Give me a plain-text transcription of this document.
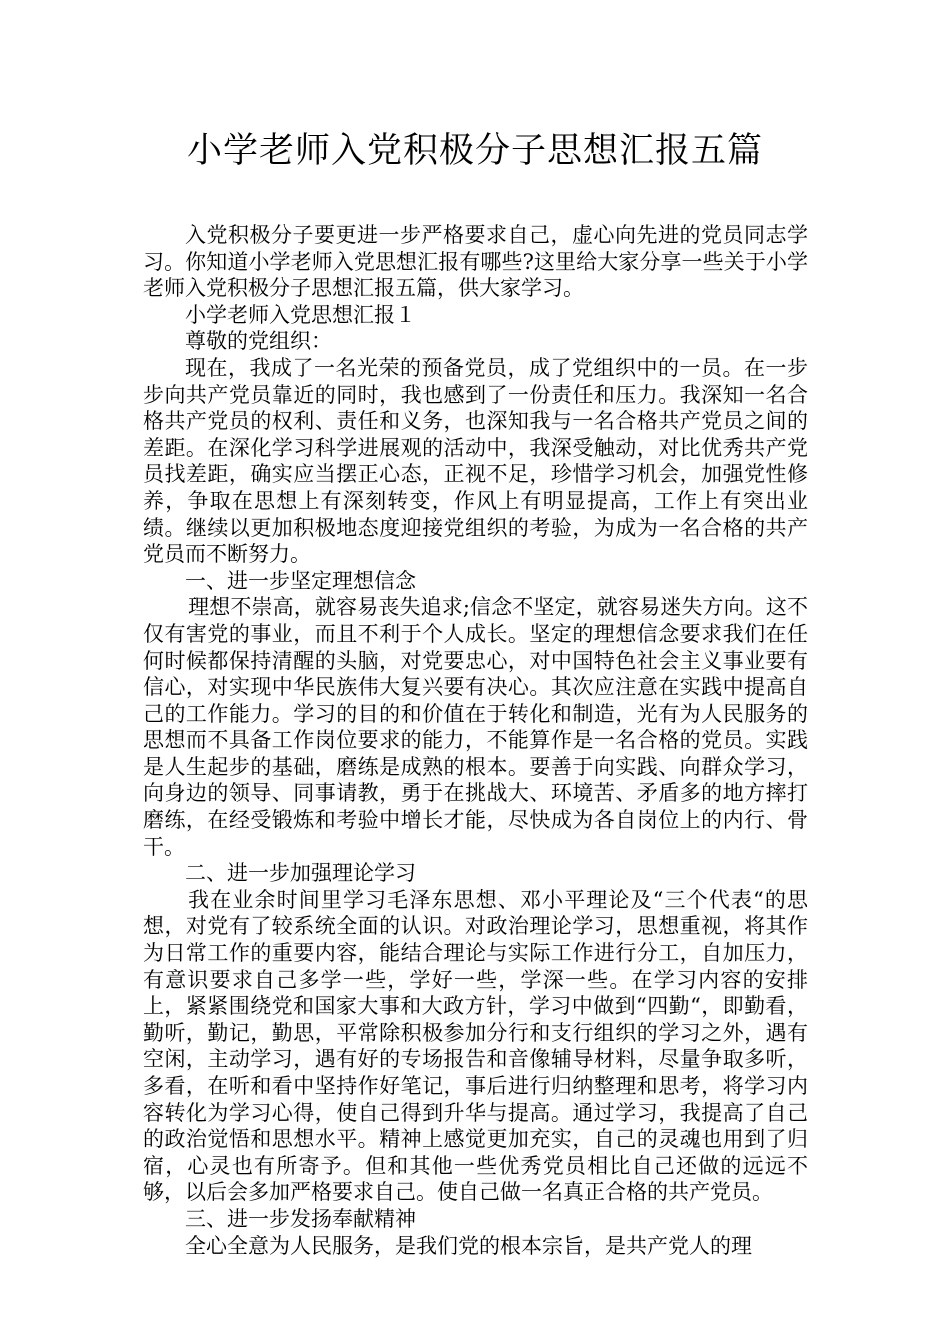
小学老师入党积极分子思想汇报五篇

入党积极分子要更进一步严格要求自己，虚心向先进的党员同志学习。你知道小学老师入党思想汇报有哪些?这里给大家分享一些关于小学老师入党积极分子思想汇报五篇，供大家学习。

小学老师入党思想汇报１

尊敬的党组织：

现在，我成了一名光荣的预备党员，成了党组织中的一员。在一步步向共产党员靠近的同时，我也感到了一份责任和压力。我深知一名合格共产党员的权利、责任和义务，也深知我与一名合格共产党员之间的差距。在深化学习科学进展观的活动中，我深受触动，对比优秀共产党员找差距，确实应当摆正心态，正视不足，珍惜学习机会，加强党性修养，争取在思想上有深刻转变，作风上有明显提高，工作上有突出业绩。继续以更加积极地态度迎接党组织的考验，为成为一名合格的共产党员而不断努力。

一、进一步坚定理想信念

理想不崇高，就容易丧失追求;信念不坚定，就容易迷失方向。这不仅有害党的事业，而且不利于个人成长。坚定的理想信念要求我们在任何时候都保持清醒的头脑，对党要忠心，对中国特色社会主义事业要有信心，对实现中华民族伟大复兴要有决心。其次应注意在实践中提高自己的工作能力。学习的目的和价值在于转化和制造，光有为人民服务的思想而不具备工作岗位要求的能力，不能算作是一名合格的党员。实践是人生起步的基础，磨练是成熟的根本。要善于向实践、向群众学习，向身边的领导、同事请教，勇于在挑战大、环境苦、矛盾多的地方摔打磨练，在经受锻炼和考验中增长才能，尽快成为各自岗位上的内行、骨干。

二、进一步加强理论学习

我在业余时间里学习毛泽东思想、邓小平理论及“三个代表“的思想，对党有了较系统全面的认识。对政治理论学习，思想重视，将其作为日常工作的重要内容，能结合理论与实际工作进行分工，自加压力，有意识要求自己多学一些，学好一些，学深一些。在学习内容的安排上，紧紧围绕党和国家大事和大政方针，学习中做到“四勤“，即勤看，勤听，勤记，勤思，平常除积极参加分行和支行组织的学习之外，遇有空闲，主动学习，遇有好的专场报告和音像辅导材料，尽量争取多听，多看，在听和看中坚持作好笔记，事后进行归纳整理和思考，将学习内容转化为学习心得，使自己得到升华与提高。通过学习，我提高了自己的政治觉悟和思想水平。精神上感觉更加充实，自己的灵魂也用到了归宿，心灵也有所寄予。但和其他一些优秀党员相比自己还做的远远不够，以后会多加严格要求自己。使自己做一名真正合格的共产党员。

三、进一步发扬奉献精神

全心全意为人民服务，是我们党的根本宗旨，是共产党人的理
